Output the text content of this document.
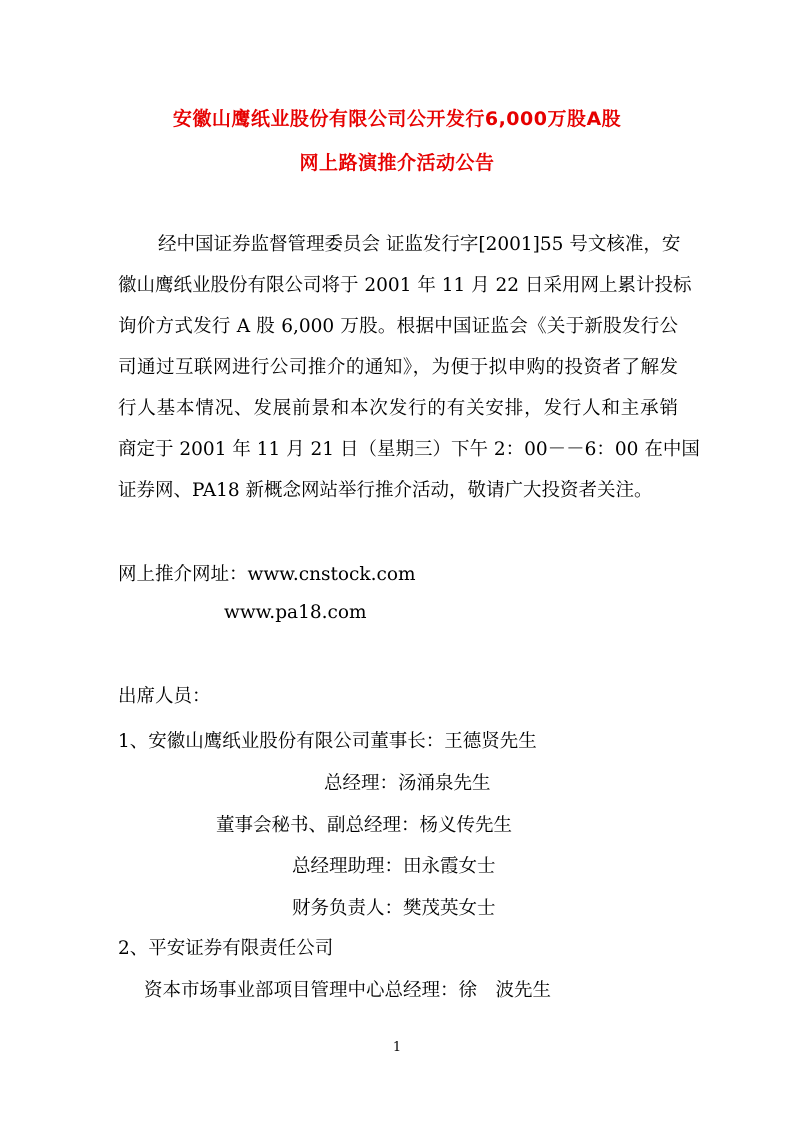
安徽山鹰纸业股份有限公司公开发行6,000万股A股
网上路演推介活动公告
经中国证券监督管理委员会 证监发行字[2001]55 号文核准，安
徽山鹰纸业股份有限公司将于 2001 年 11 月 22 日采用网上累计投标
询价方式发行 A 股 6,000 万股。根据中国证监会《关于新股发行公
司通过互联网进行公司推介的通知》，为便于拟申购的投资者了解发
行人基本情况、发展前景和本次发行的有关安排，发行人和主承销
商定于 2001 年 11 月 21 日（星期三）下午 2：00－－6：00 在中国
证券网、PA18 新概念网站举行推介活动，敬请广大投资者关注。
网上推介网址：www.cnstock.com
www.pa18.com
出席人员：
1、安徽山鹰纸业股份有限公司董事长：王德贤先生
总经理：汤涌泉先生
董事会秘书、副总经理：杨义传先生
总经理助理：田永霞女士
财务负责人：樊茂英女士
2、平安证券有限责任公司
资本市场事业部项目管理中心总经理：徐　波先生
1
